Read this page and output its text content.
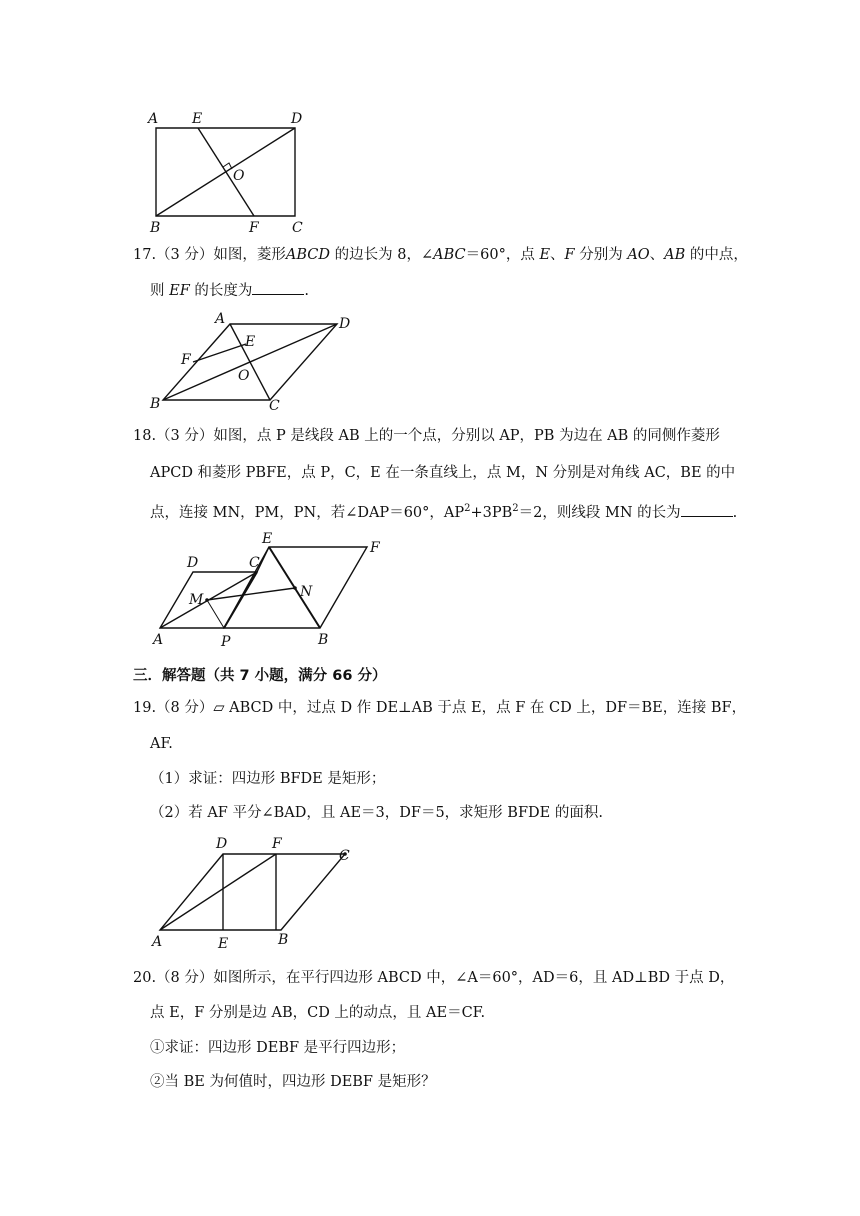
A E	D
O
B	F C
17.（3 分）如图，菱形ABCD 的边长为 8，∠ABC＝60°，点 E、F 分别为 AO、AB 的中点，
则 EF 的长度为	.
A	D
F
E
O
B	C
18.（3 分）如图，点 P 是线段 AB 上的一个点，分别以 AP，PB 为边在 AB 的同侧作菱形
APCD 和菱形 PBFE，点 P，C，E 在一条直线上，点 M，N 分别是对角线 AC，BE 的中
点，连接 MN，PM，PN，若∠DAP＝60°，$AP^2+3PB^2=2$，则线段 MN 的长为	.
E
F
D	C
M	N
A	P	B
三．解答题（共 7 小题，满分 66 分）
19.（8 分）▱ ABCD 中，过点 D 作 DE⊥AB 于点 E，点 F 在 CD 上，DF＝BE，连接 BF，
AF.
（1）求证：四边形 BFDE 是矩形；
（2）若 AF 平分∠BAD，且 AE＝3，DF＝5，求矩形 BFDE 的面积.
D	F
C
A	E	B
20.（8 分）如图所示，在平行四边形 ABCD 中，∠A＝60°，AD＝6，且 AD⊥BD 于点 D，
点 E，F 分别是边 AB，CD 上的动点，且 AE＝CF.
①求证：四边形 DEBF 是平行四边形；
②当 BE 为何值时，四边形 DEBF 是矩形？
